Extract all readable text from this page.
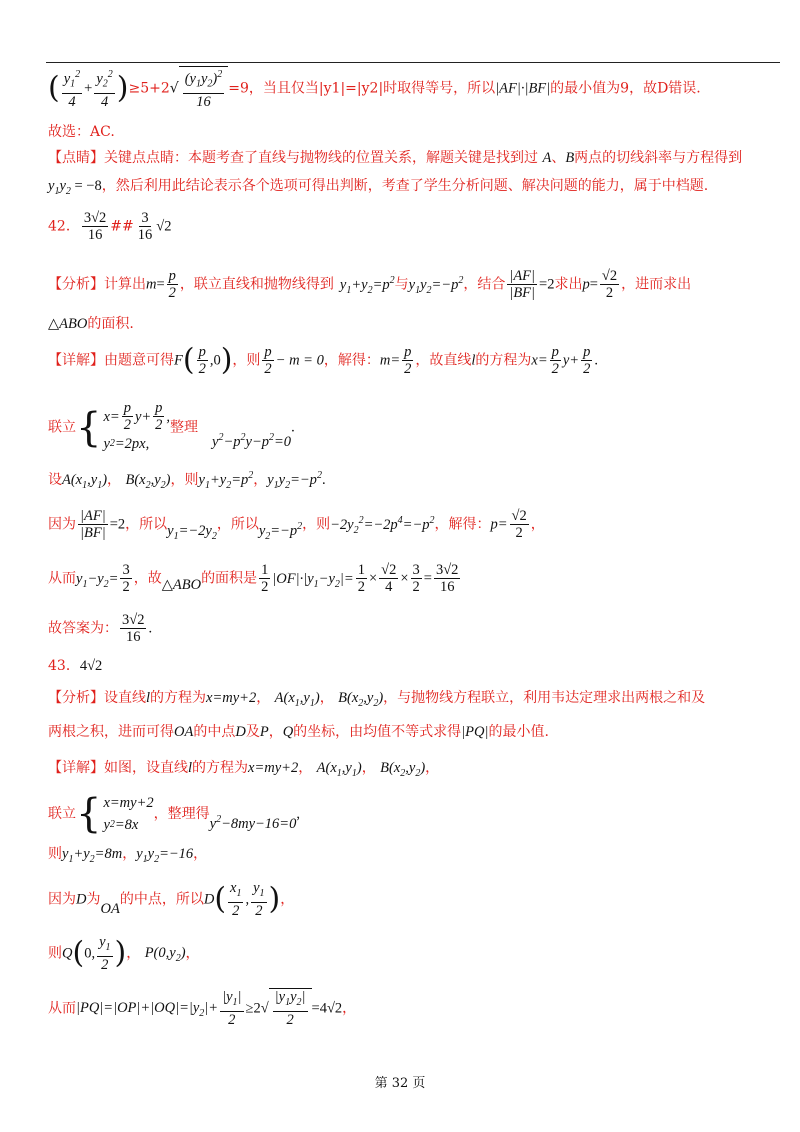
( $\frac{y_1^2}{4} + \frac{y_2^2}{4} )\ge 5+2√ \frac{(y_1y_2)^2}{16} =9$，当且仅当|y1|=|y2|时取得等号，所以|AF|·|BF|的最小值为9，故D错误.
故选：AC.
【点睛】关键点点睛：本题考查了直线与抛物线的位置关系，解题关键是找到过 A、B两点的切线斜率与方程得到
$y_1y_2 = -8$，然后利用此结论表示各个选项可得出判断，考查了学生分析问题、解决问题的能力，属于中档题.
42． $\frac{3√2}{16}$ ## $\frac{3}{16} √2$
【分析】计算出$m= \frac{p}{2}$ ，联立直线和抛物线得到 $y_1+y_2=p^2$与$y_1y_2=-p^2$，结合 $\frac{|AF|}{|BF|} =2$求出$p= \frac{√2}{2}$ ，进而求出
△ABO的面积.
【详解】由题意可得$F( \frac{p}{2} ,0)$，则 $\frac{p}{2} - m = 0$，解得：$m= \frac{p}{2}$ ，故直线l的方程为$x= \frac{p}{2} y+ \frac{p}{2}$ .
联立 { $x= \frac{p}{2} y+ \frac{p}{2}$ ,
y 2 =2px,
整理$y^2-p^2y-p^2=0$.
设$A(x_1,y_1)$， $B(x_2,y_2)$，则$y_1+y_2=p^2$，$y_1y_2=-p^2$.
因为 $\frac{|AF|}{|BF|} =2$，所以$y_1=-2y_2$，所以$y_2=-p^2$，则$-2y_2^2=-2p^4=-p^2$，解得：$p= \frac{√2}{2}$ ，
从而$y_1-y_2= \frac{3}{2}$ ，故△ABO的面积是 $\frac{1}{2} |OF|\cdot|y_1-y_2|= \frac{1}{2} \times \frac{√2}{4} \times \frac{3}{2} = \frac{3√2}{16}$
故答案为： $\frac{3√2}{16}$ .
43．4√2
【分析】设直线l的方程为x=my+2， $A(x_1,y_1)$， $B(x_2,y_2)$，与抛物线方程联立，利用韦达定理求出两根之和及
两根之积，进而可得OA的中点D及P，Q的坐标，由均值不等式求得|PQ|的最小值.
【详解】如图，设直线l的方程为x=my+2， $A(x_1,y_1)$， $B(x_2,y_2)$，
联立 { x=my+2
y 2 =8x
，整理得$y^2-8my-16=0$,
则$y_1+y_2=8m$，$y_1y_2=-16$，
因为D为OA的中点，所以$D( \frac{x_1}{2}$ , $\frac{y_1}{2}$ )，
则Q(0, $\frac{y_1}{2}$ )， $P(0,y_2)$，
从而$|PQ|=|OP|+|OQ|=|y_2|+ \frac{|y_1|}{2} \ge 2√ \frac{|y_1y_2|}{2} =4√2$，
第 32 页
